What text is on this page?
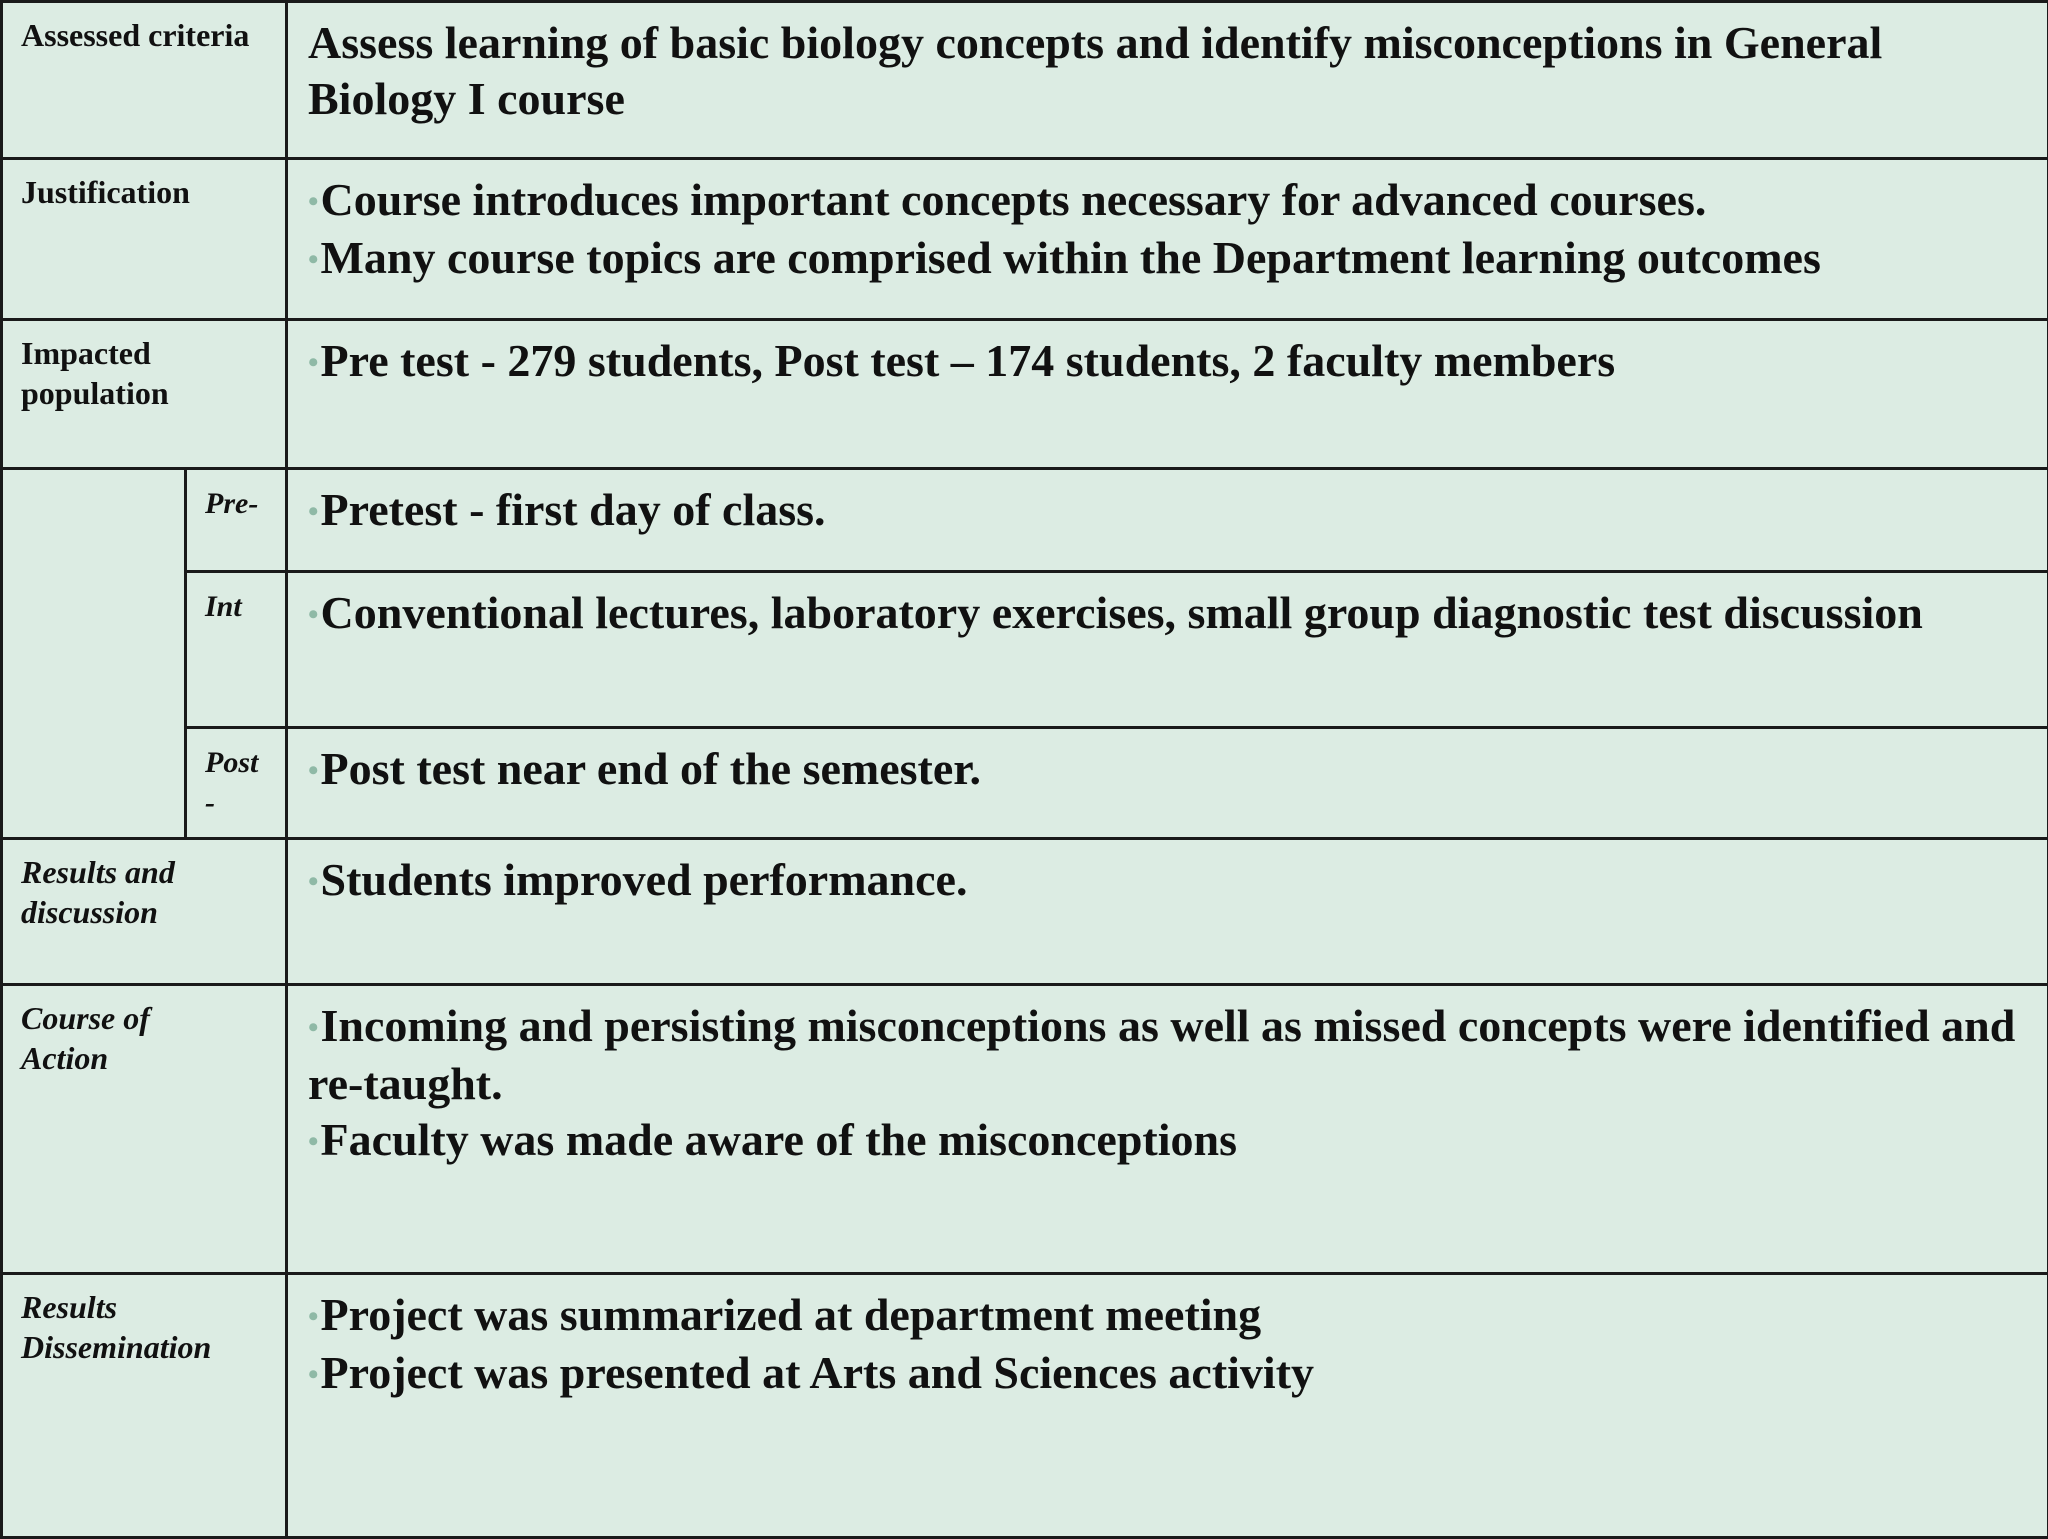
Assessed criteria		Assess learning of basic biology concepts and identify misconceptions in General Biology I course

Justification		•Course introduces important concepts necessary for advanced courses.
•Many course topics are comprised within the Department learning outcomes

Impacted population		•Pre test - 279 students, Post test – 174 students, 2 faculty members

	Pre-	•Pretest - first day of class.

	Int	•Conventional lectures, laboratory exercises, small group diagnostic test discussion

	Post -	•Post test near end of the semester.

Results and discussion		•Students improved performance.

Course of Action		•Incoming and persisting misconceptions as well as missed concepts were identified and re-taught.
•Faculty was made aware of the misconceptions

Results Dissemination		•Project was summarized at department meeting
•Project was presented at Arts and Sciences activity
